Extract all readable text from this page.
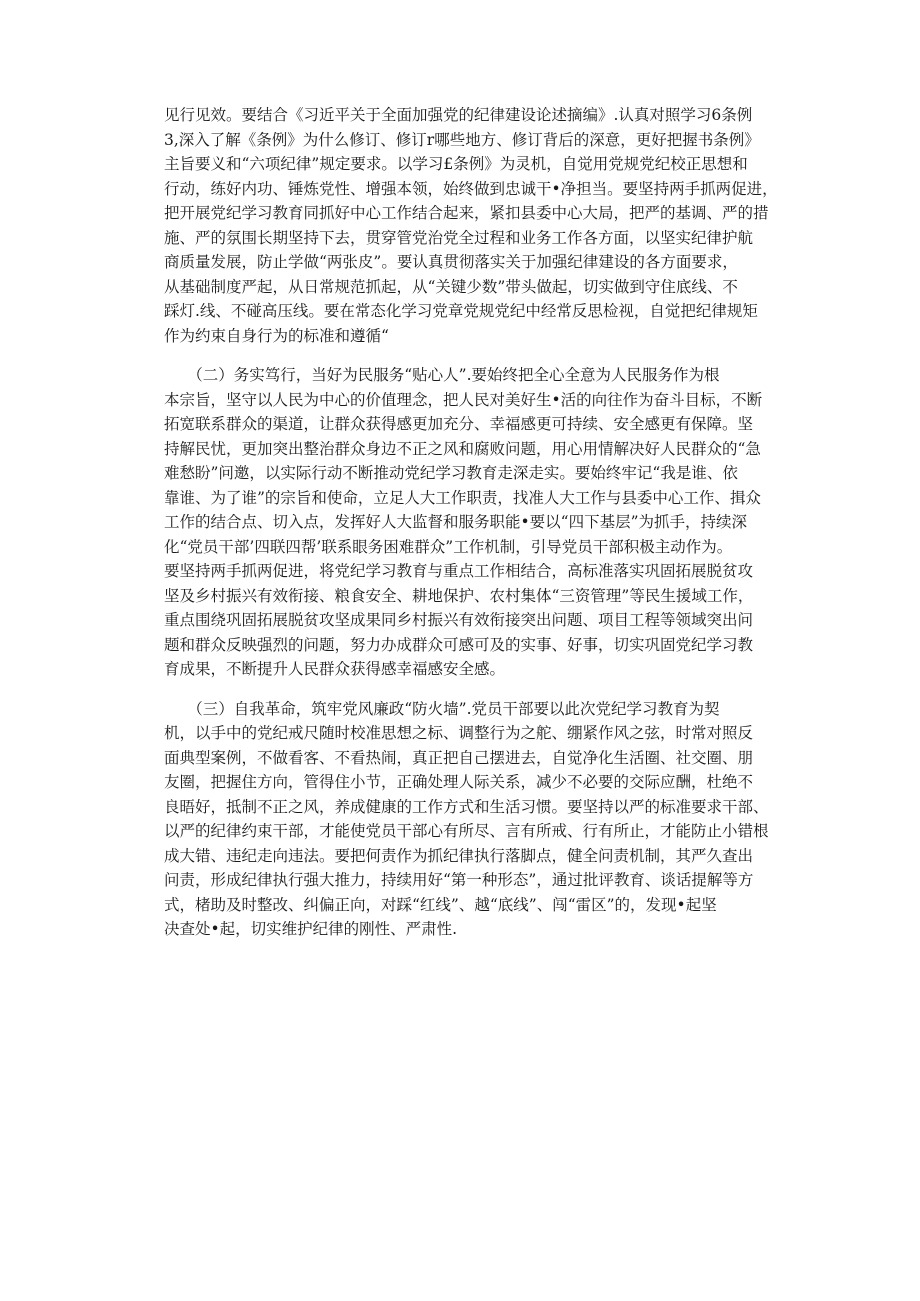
见行见效。要结合《习近平关于全面加强党的纪律建设论述摘编》.认真对照学习6条例
3,深入了解《条例》为什么修订、修订r哪些地方、修订背后的深意，更好把握书条例》
主旨要义和“六项纪律”规定要求。以学习£条例》为灵机，自觉用党规党纪校正思想和
行动，练好内功、锤炼党性、增强本领，始终做到忠诚干•净担当。要坚持两手抓两促进，
把开展党纪学习教育同抓好中心工作结合起来，紧扣县委中心大局，把严的基调、严的措
施、严的氛围长期坚持下去，贯穿管党治党全过程和业务工作各方面，以坚实纪律护航
商质量发展，防止学做“两张皮”。要认真贯彻落实关于加强纪律建设的各方面要求，
从基础制度严起，从日常规范抓起，从“关键少数”带头做起，切实做到守住底线、不
踩灯.线、不碰高压线。要在常态化学习党章党规党纪中经常反思检视，自觉把纪律规矩
作为约束自身行为的标准和遵循“

　　（二）务实笃行，当好为民服务“贴心人”.要始终把全心全意为人民服务作为根
本宗旨，坚守以人民为中心的价值理念，把人民对美好生•活的向往作为奋斗目标，不断
拓宽联系群众的渠道，让群众获得感更加充分、幸福感更可持续、安全感更有保障。坚
持解民忧，更加突出整治群众身边不正之风和腐败问题，用心用情解决好人民群众的“急
难愁盼”问邀，以实际行动不断推动党纪学习教育走深走实。要始终牢记“我是谁、依
靠谁、为了谁”的宗旨和使命，立足人大工作职责，找准人大工作与县委中心工作、揖众
工作的结合点、切入点，发挥好人大监督和服务职能•要以“四下基层”为抓手，持续深
化“党员干部’四联四帮’联系眼务困难群众”工作机制，引导党员干部积极主动作为。
要坚持两手抓两促进，将党纪学习教育与重点工作相结合，高标准落实巩固拓展脱贫攻
坚及乡村振兴有效衔接、粮食安全、耕地保护、农村集体“三资管理”等民生援域工作，
重点围绕巩固拓展脱贫攻坚成果同乡村振兴有效衔接突出问题、项目工程等领域突出问
题和群众反映强烈的问题，努力办成群众可感可及的实事、好事，切实巩固党纪学习教
育成果，不断提升人民群众获得感幸福感安全感。

　　（三）自我革命，筑牢党风廉政“防火墙”.党员干部要以此次党纪学习教育为契
机，以手中的党纪戒尺随时校准思想之标、调整行为之舵、绷紧作风之弦，时常对照反
面典型案例，不做看客、不看热闹，真正把自己摆进去，自觉净化生活圈、社交圈、朋
友圈，把握住方向，管得住小节，正确处理人际关系，减少不必要的交际应酬，杜绝不
良晤好，抵制不正之风，养成健康的工作方式和生活习惯。要坚持以严的标准要求干部、
以严的纪律约束干部，才能使党员干部心有所尽、言有所戒、行有所止，才能防止小错根
成大错、违纪走向违法。要把何责作为抓纪律执行落脚点，健全问责机制，其严久查出
问责，形成纪律执行强大推力，持续用好“第一种形态”，通过批评教育、谈话提解等方
式，楮助及时整改、纠偏正向，对踩“红线”、越“底线”、闯“雷区”的，发现•起坚
决查处•起，切实维护纪律的刚性、严肃性.
